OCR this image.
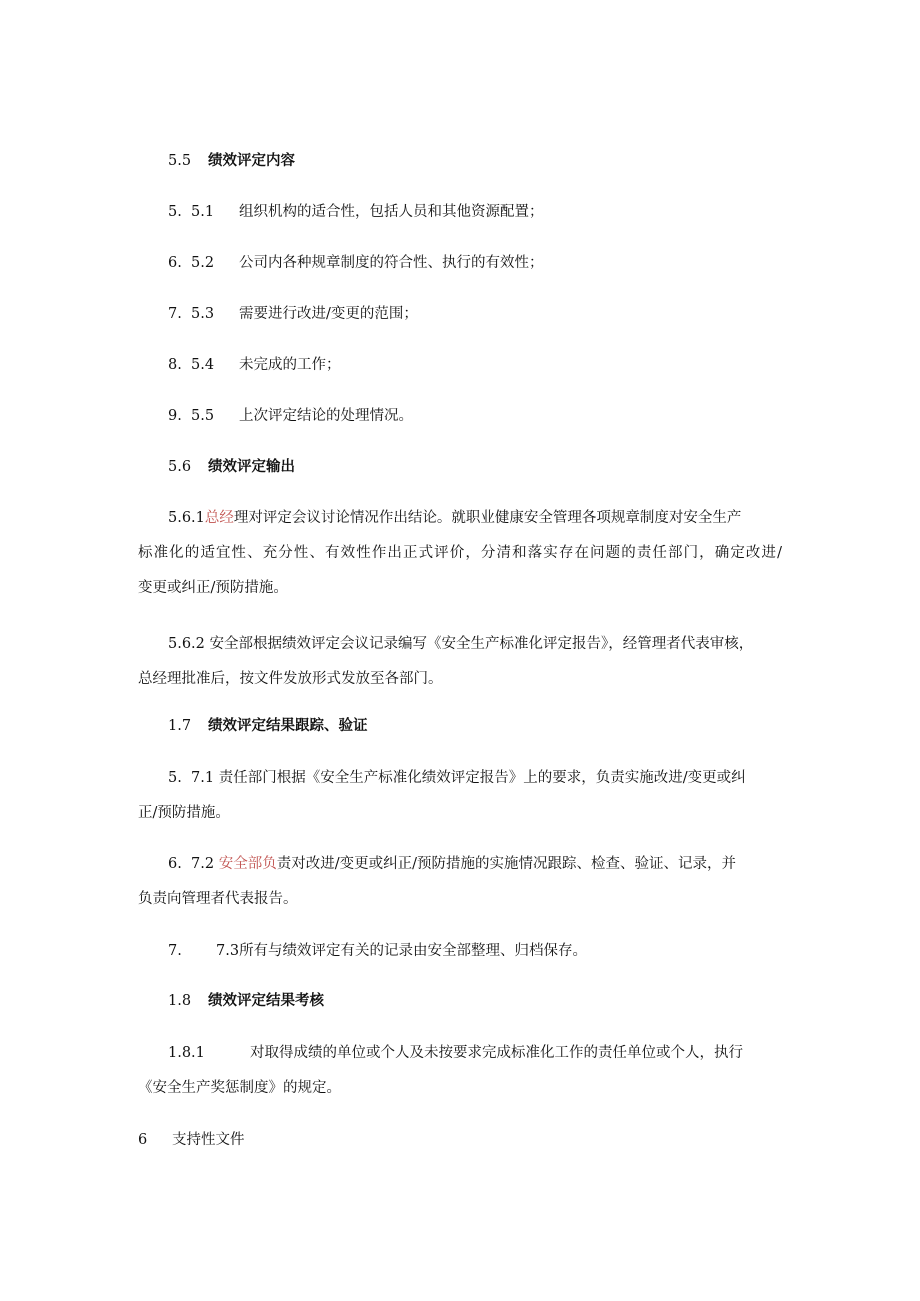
5.5 绩效评定内容
5.  5.1 组织机构的适合性，包括人员和其他资源配置；
6.  5.2 公司内各种规章制度的符合性、执行的有效性；
7.  5.3 需要进行改进/变更的范围；
8.  5.4 未完成的工作；
9.  5.5 上次评定结论的处理情况。
5.6 绩效评定输出
5.6.1总经理对评定会议讨论情况作出结论。就职业健康安全管理各项规章制度对安全生产
标准化的适宜性、充分性、有效性作出正式评价，分清和落实存在问题的责任部门，确定改进/
变更或纠正/预防措施。
5.6.2 安全部根据绩效评定会议记录编写《安全生产标准化评定报告》，经管理者代表审核，
总经理批准后，按文件发放形式发放至各部门。
1.7 绩效评定结果跟踪、验证
5.  7.1 责任部门根据《安全生产标准化绩效评定报告》上的要求，负责实施改进/变更或纠
正/预防措施。
6.  7.2 安全部负责对改进/变更或纠正/预防措施的实施情况跟踪、检查、验证、记录，并
负责向管理者代表报告。
7. 7.3所有与绩效评定有关的记录由安全部整理、归档保存。
1.8 绩效评定结果考核
1.8.1	对取得成绩的单位或个人及未按要求完成标准化工作的责任单位或个人，执行
《安全生产奖惩制度》的规定。
6 支持性文件
